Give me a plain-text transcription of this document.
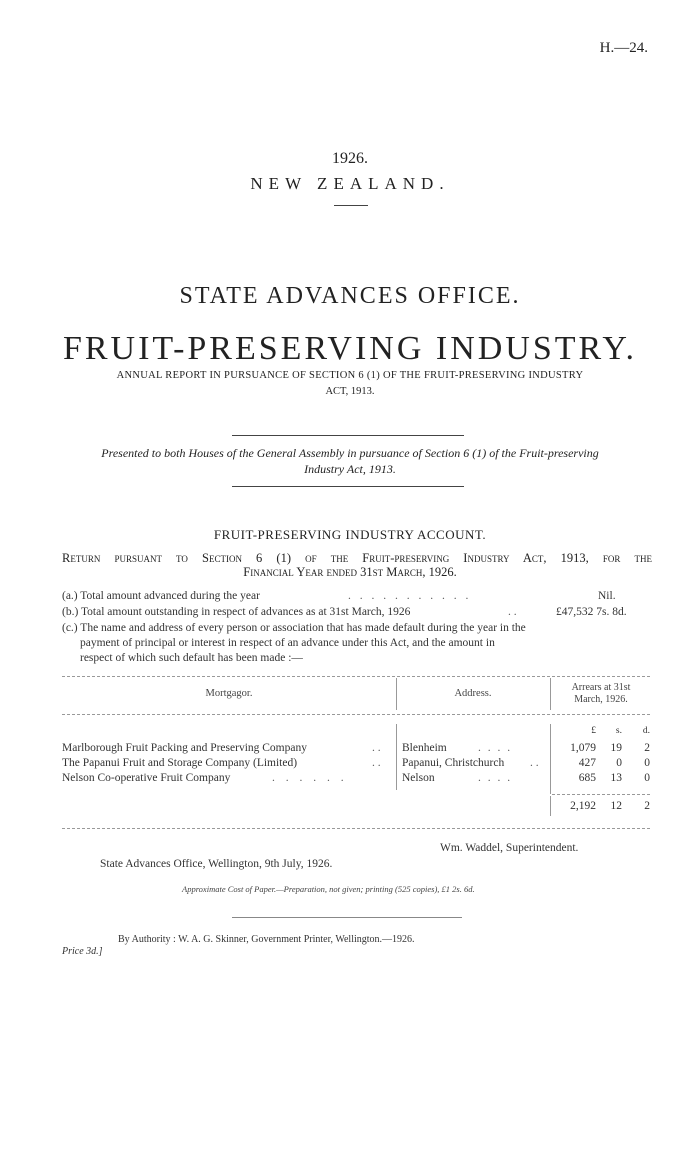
H.—24.
1926.
NEW ZEALAND.
STATE ADVANCES OFFICE.
FRUIT-PRESERVING INDUSTRY.
ANNUAL REPORT IN PURSUANCE OF SECTION 6 (1) OF THE FRUIT-PRESERVING INDUSTRY
ACT, 1913.
Presented to both Houses of the General Assembly in pursuance of Section 6 (1) of the Fruit-preserving
Industry Act, 1913.
FRUIT-PRESERVING INDUSTRY ACCOUNT.
Return pursuant to Section 6 (1) of the Fruit-preserving Industry Act, 1913, for the
Financial Year ended 31st March, 1926.
(a.) Total amount advanced during the year	. . . . . . . . . . .	Nil.
(b.) Total amount outstanding in respect of advances as at 31st March, 1926	. .	£47,532 7s. 8d.
(c.) The name and address of every person or association that has made default during the year in the
payment of principal or interest in respect of an advance under this Act, and the amount in
respect of which such default has been made :—
Mortgagor.	Address.
Arrears at 31st
March, 1926.
£	s.	d.
Marlborough Fruit Packing and Preserving Company	. . Blenheim	. . . .	1,079	19	2
The Papanui Fruit and Storage Company (Limited)	. . Papanui, Christchurch . .	427	0	0
Nelson Co-operative Fruit Company	. . . . . .	Nelson	. . . .	685	13	0
2,192	12	2
Wm. Waddel, Superintendent.
State Advances Office, Wellington, 9th July, 1926.
Approximate Cost of Paper.—Preparation, not given; printing (525 copies), £1 2s. 6d.
By Authority : W. A. G. Skinner, Government Printer, Wellington.—1926.
Price 3d.]
